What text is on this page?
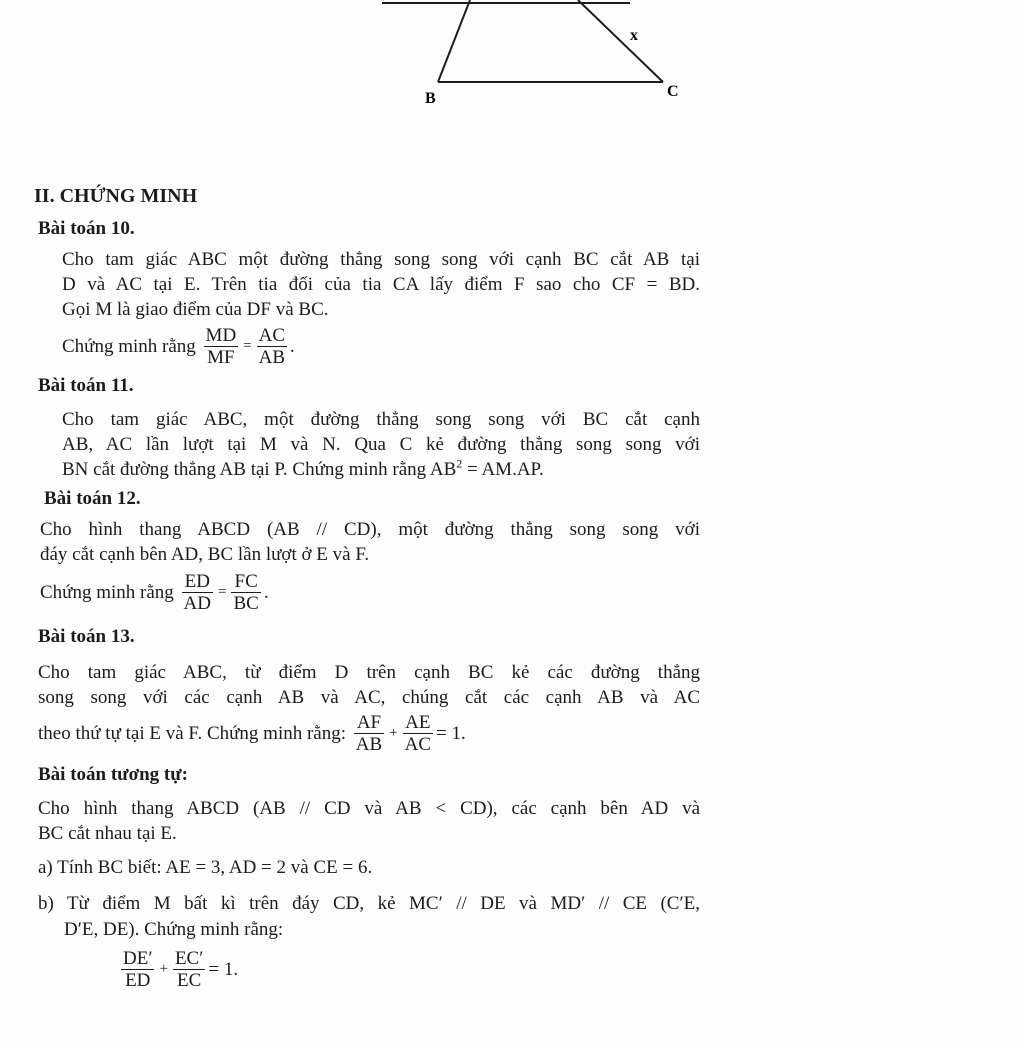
x
B	C
II. CHỨNG MINH
Bài toán 10.
Cho tam giác ABC một đường thẳng song song với cạnh BC cắt AB tại
D và AC tại E. Trên tia đối của tia CA lấy điểm F sao cho CF = BD.
Gọi M là giao điểm của DF và BC.
Chứng minh rằng $\frac{MD}{MF} = \frac{AC}{AB}$ .
Bài toán 11.
Cho tam giác ABC, một đường thẳng song song với BC cắt cạnh
AB, AC lần lượt tại M và N. Qua C kẻ đường thẳng song song với
BN cắt đường thẳng AB tại P. Chứng minh rằng $AB^2 = AM.AP$.
Bài toán 12.
Cho hình thang ABCD (AB // CD), một đường thẳng song song với
đáy cắt cạnh bên AD, BC lần lượt ở E và F.
Chứng minh rằng $\frac{ED}{AD} = \frac{FC}{BC}$ .
Bài toán 13.
Cho tam giác ABC, từ điểm D trên cạnh BC kẻ các đường thẳng
song song với các cạnh AB và AC, chúng cắt các cạnh AB và AC
theo thứ tự tại E và F. Chứng minh rằng: $\frac{AF}{AB} + \frac{AE}{AC} = 1$.
Bài toán tương tự:
Cho hình thang ABCD (AB // CD và AB < CD), các cạnh bên AD và
BC cắt nhau tại E.
a) Tính BC biết: AE = 3, AD = 2 và CE = 6.
b) Từ điểm M bất kì trên đáy CD, kẻ MC′ // DE và MD′ // CE (C′E,
D′E, DE). Chứng minh rằng:
$\frac{DE'}{ED} + \frac{EC'}{EC} = 1$.
